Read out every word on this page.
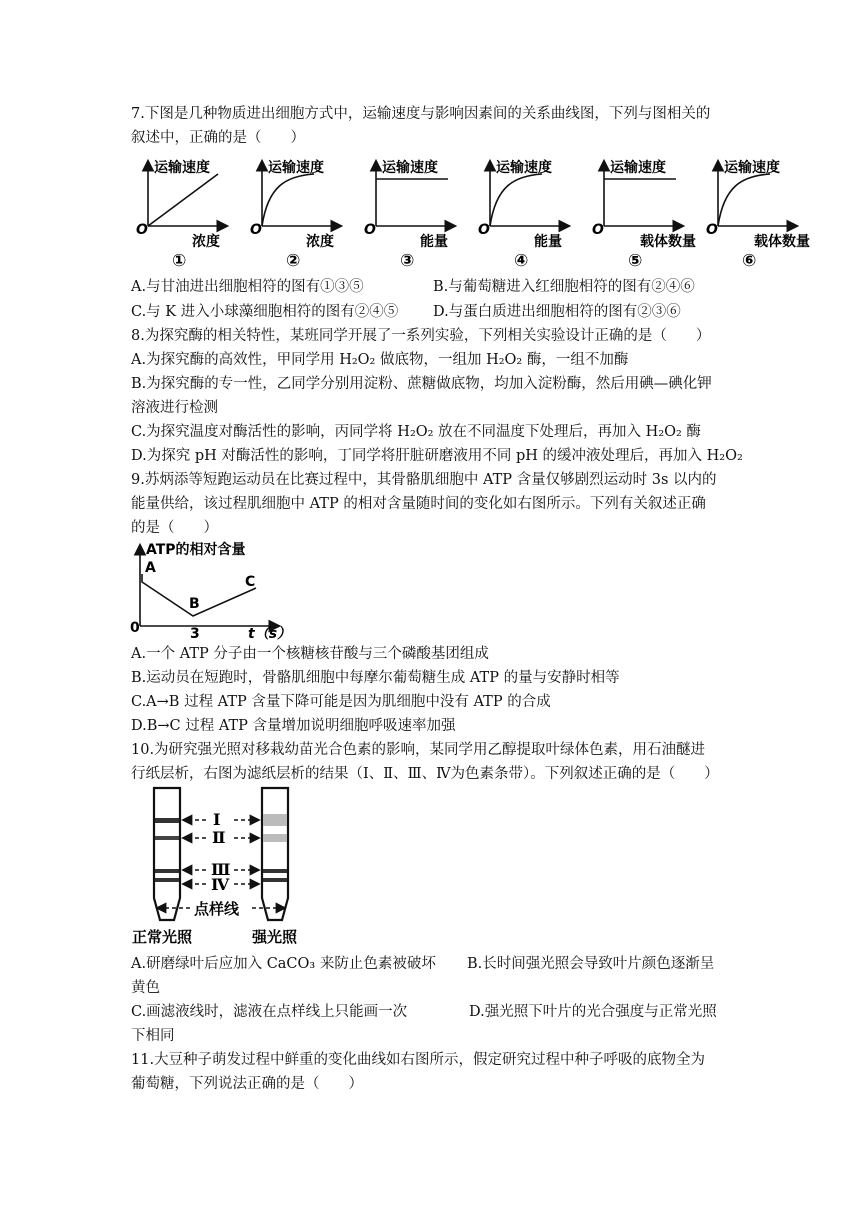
7.下图是几种物质进出细胞方式中，运输速度与影响因素间的关系曲线图，下列与图相关的
叙述中，正确的是（　　）
运输速度
O
浓度
①
运输速度
O
浓度
②
运输速度
O
能量
③
运输速度
O
能量
④
运输速度
O
载体数量
⑤
运输速度
O
载体数量
⑥
A.与甘油进出细胞相符的图有①③⑤	B.与葡萄糖进入红细胞相符的图有②④⑥
C.与 K 进入小球藻细胞相符的图有②④⑤ D.与蛋白质进出细胞相符的图有②③⑥
8.为探究酶的相关特性，某班同学开展了一系列实验，下列相关实验设计正确的是（　　）
A.为探究酶的高效性，甲同学用 H₂O₂ 做底物，一组加 H₂O₂ 酶，一组不加酶
B.为探究酶的专一性，乙同学分别用淀粉、蔗糖做底物，均加入淀粉酶，然后用碘—碘化钾
溶液进行检测
C.为探究温度对酶活性的影响，丙同学将 H₂O₂ 放在不同温度下处理后，再加入 H₂O₂ 酶
D.为探究 pH 对酶活性的影响，丁同学将肝脏研磨液用不同 pH 的缓冲液处理后，再加入 H₂O₂
9.苏炳添等短跑运动员在比赛过程中，其骨骼肌细胞中 ATP 含量仅够剧烈运动时 3s 以内的
能量供给，该过程肌细胞中 ATP 的相对含量随时间的变化如右图所示。下列有关叙述正确
的是（　　）
ATP的相对含量
A
B
C
0	3	t（s）
A.一个 ATP 分子由一个核糖核苷酸与三个磷酸基团组成
B.运动员在短跑时，骨骼肌细胞中每摩尔葡萄糖生成 ATP 的量与安静时相等
C.A→B 过程 ATP 含量下降可能是因为肌细胞中没有 ATP 的合成
D.B→C 过程 ATP 含量增加说明细胞呼吸速率加强
10.为研究强光照对移栽幼苗光合色素的影响，某同学用乙醇提取叶绿体色素，用石油醚进
行纸层析，右图为滤纸层析的结果（Ⅰ、Ⅱ、Ⅲ、Ⅳ为色素条带）。下列叙述正确的是（　　）
Ⅰ
Ⅱ
Ⅲ
Ⅳ
点样线
正常光照	强光照
A.研磨绿叶后应加入 CaCO₃ 来防止色素被破坏 B.长时间强光照会导致叶片颜色逐渐呈
黄色
C.画滤液线时，滤液在点样线上只能画一次	D.强光照下叶片的光合强度与正常光照
下相同
11.大豆种子萌发过程中鲜重的变化曲线如右图所示，假定研究过程中种子呼吸的底物全为
葡萄糖，下列说法正确的是（　　）
